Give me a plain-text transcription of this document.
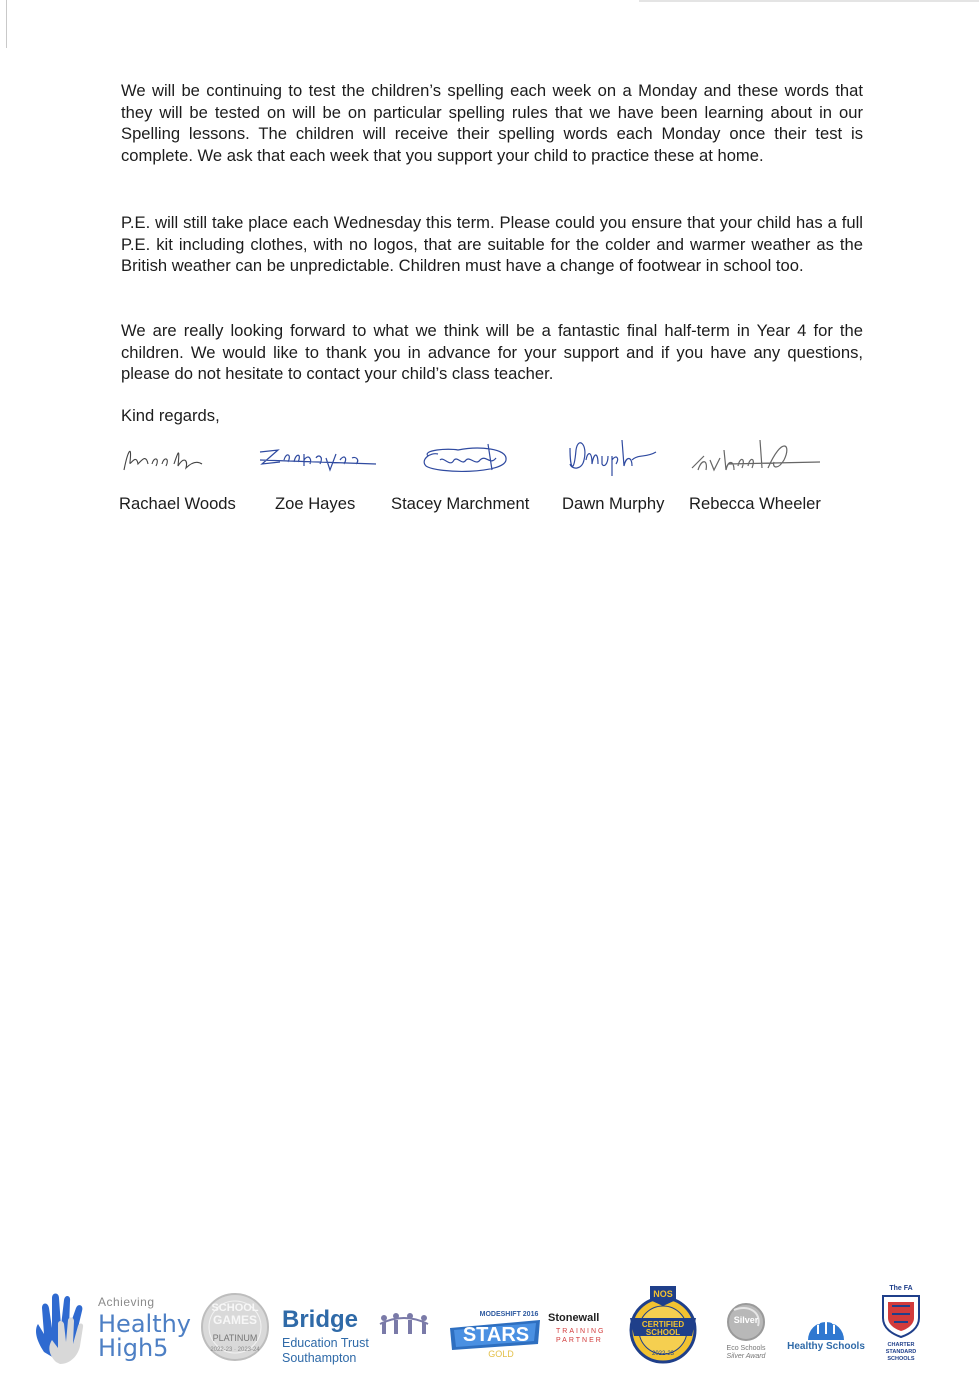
We will be continuing to test the children’s spelling each week on a Monday and these words that they will be tested on will be on particular spelling rules that we have been learning about in our Spelling lessons. The children will receive their spelling words each Monday once their test is complete. We ask that each week that you support your child to practice these at home.

P.E. will still take place each Wednesday this term. Please could you ensure that your child has a full P.E. kit including clothes, with no logos, that are suitable for the colder and warmer weather as the British weather can be unpredictable. Children must have a change of footwear in school too.

We are really looking forward to what we think will be a fantastic final half-term in Year 4 for the children. We would like to thank you in advance for your support and if you have any questions, please do not hesitate to contact your child’s class teacher.

Kind regards,

Rachael Woods Zoe Hayes Stacey Marchment Dawn Murphy Rebecca Wheeler
Achieving
Healthy
High5
SCHOOL
GAMES
PLATINUM
2022-23 · 2023-24
Bridge
Education Trust
Southampton
MODESHIFT 2016
STARS
GOLD
Stonewall
TRAINING
PARTNER
NOS
CERTIFIED
SCHOOL
2022-23
Silver
Eco Schools
Silver Award
Healthy Schools
The FA
CHARTER
STANDARD
SCHOOLS
